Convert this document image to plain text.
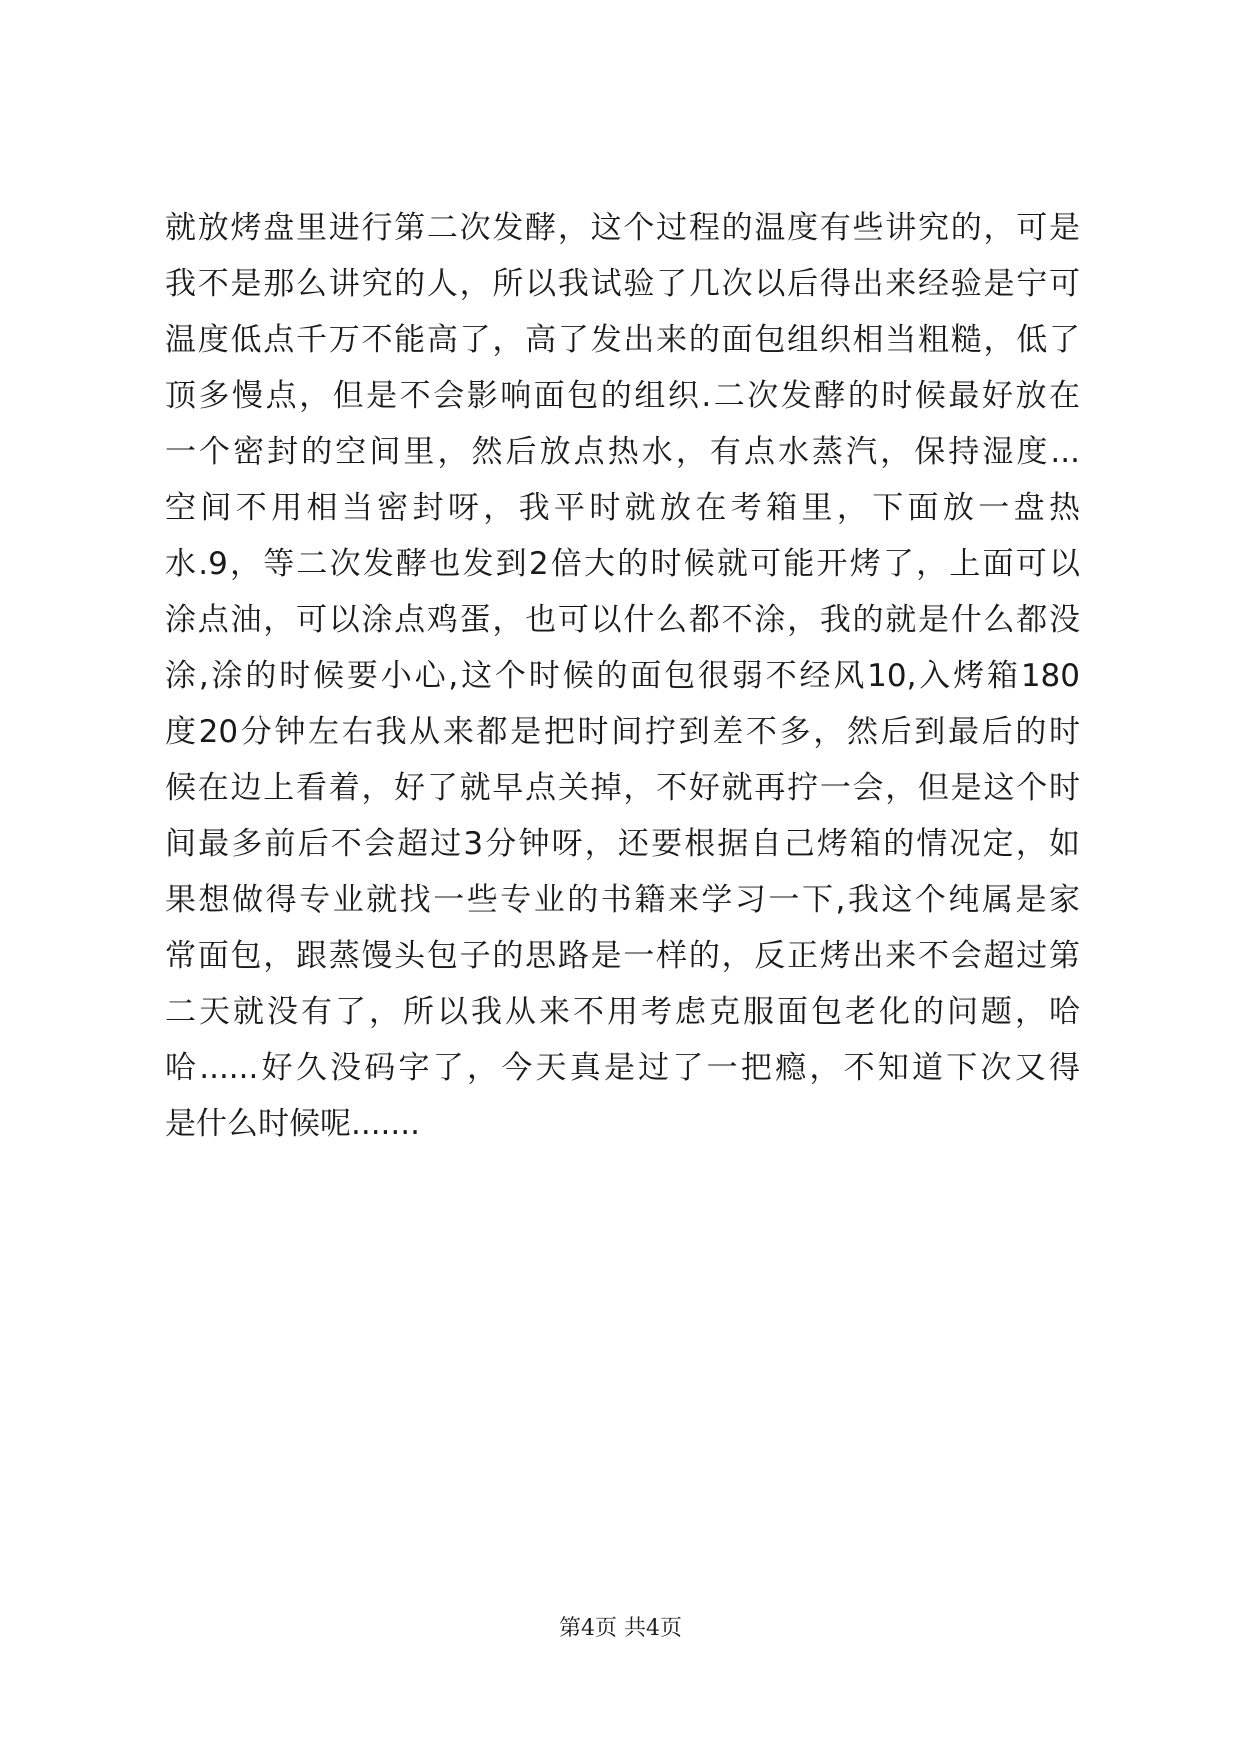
就放烤盘里进行第二次发酵，这个过程的温度有些讲究的，可是
我不是那么讲究的人，所以我试验了几次以后得出来经验是宁可
温度低点千万不能高了，高了发出来的面包组织相当粗糙，低了
顶多慢点，但是不会影响面包的组织.二次发酵的时候最好放在
一个密封的空间里，然后放点热水，有点水蒸汽，保持湿度...
空间不用相当密封呀，我平时就放在考箱里，下面放一盘热
水.9，等二次发酵也发到2倍大的时候就可能开烤了，上面可以
涂点油，可以涂点鸡蛋，也可以什么都不涂，我的就是什么都没
涂,涂的时候要小心,这个时候的面包很弱不经风10,入烤箱180
度20分钟左右我从来都是把时间拧到差不多，然后到最后的时
候在边上看着，好了就早点关掉，不好就再拧一会，但是这个时
间最多前后不会超过3分钟呀，还要根据自己烤箱的情况定，如
果想做得专业就找一些专业的书籍来学习一下,我这个纯属是家
常面包，跟蒸馒头包子的思路是一样的，反正烤出来不会超过第
二天就没有了，所以我从来不用考虑克服面包老化的问题，哈
哈......好久没码字了，今天真是过了一把瘾，不知道下次又得
是什么时候呢.......
第4页 共4页
